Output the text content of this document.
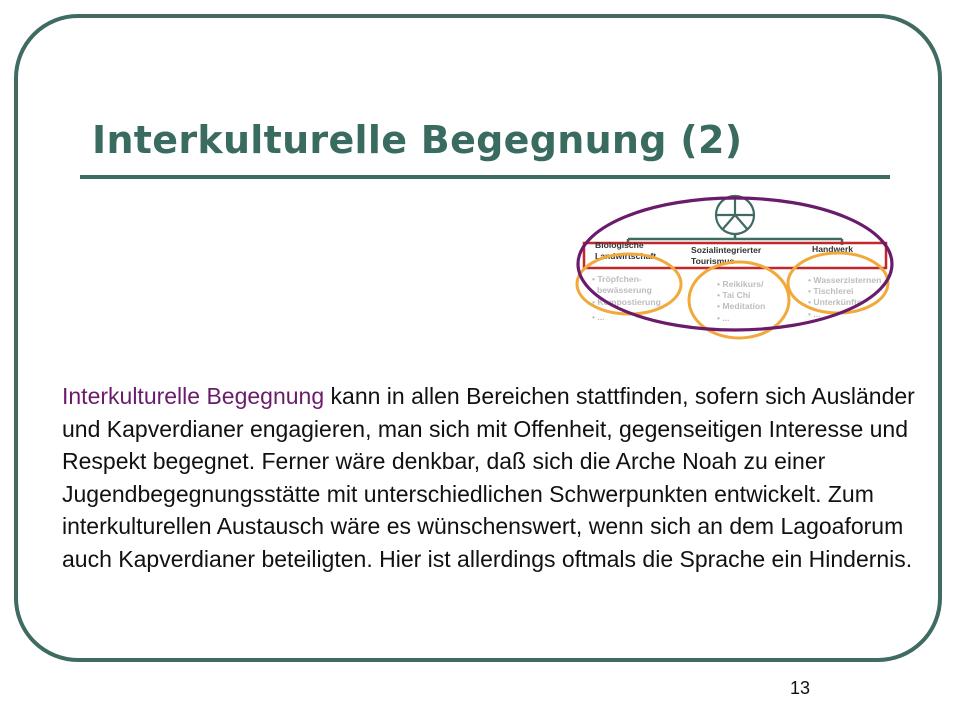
Interkulturelle Begegnung (2)
Biologische
Landwirtschaft
Sozialintegrierter
Tourismus
Handwerk
• Tröpfchen-
bewässerung
• Kompostierung
• ...
• Reikikurs/
• Tai Chi
• Meditation
• ...
• Wasserzisternen
• Tischlerei
• Unterkünfte
• ...
Interkulturelle Begegnung kann in allen Bereichen stattfinden, sofern sich Ausländer und Kapverdianer engagieren, man sich mit Offenheit, gegenseitigen Interesse und Respekt begegnet. Ferner wäre denkbar, daß sich die Arche Noah zu einer Jugendbegegnungsstätte mit unterschiedlichen Schwerpunkten entwickelt. Zum interkulturellen Austausch wäre es wünschenswert, wenn sich an dem Lagoaforum auch Kapverdianer beteiligten. Hier ist allerdings oftmals die Sprache ein Hindernis.
13
